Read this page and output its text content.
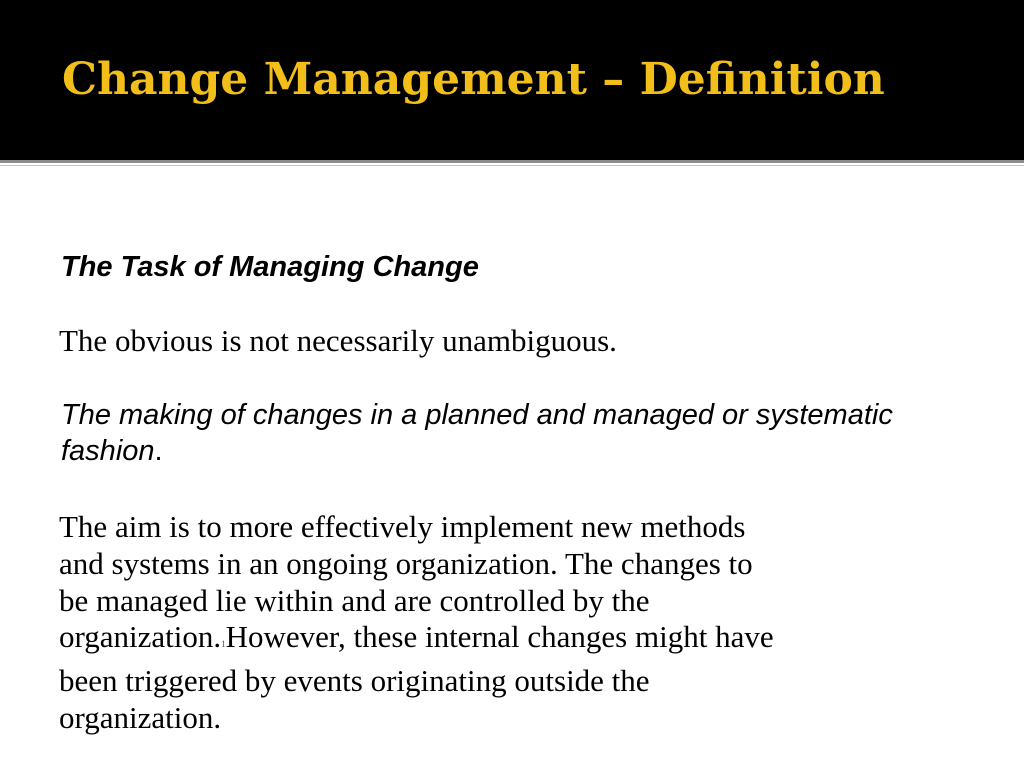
Change Management – Definition

The Task of Managing Change

The obvious is not necessarily unambiguous.

The making of changes in a planned and managed or systematic fashion.

The aim is to more effectively implement new methods
and systems in an ongoing organization. The changes to
be managed lie within and are controlled by the
organization.1However, these internal changes might have
been triggered by events originating outside the
organization.
